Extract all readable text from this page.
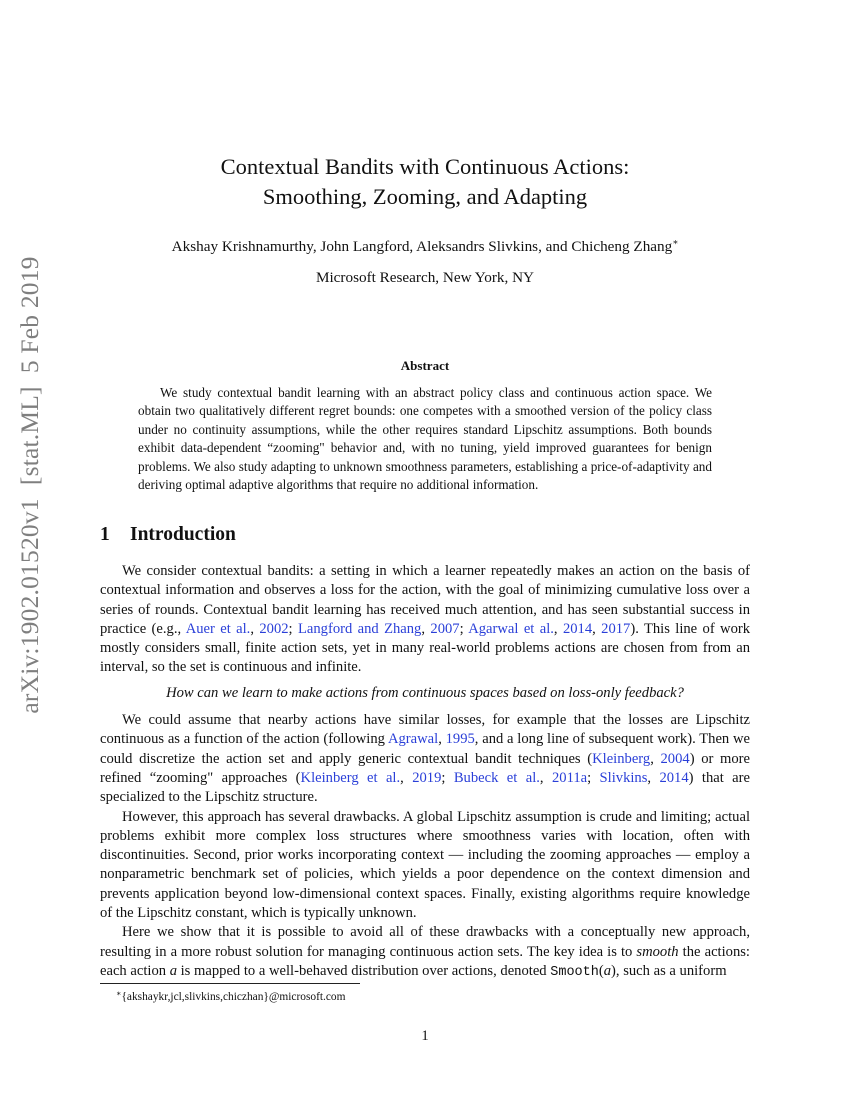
arXiv:1902.01520v1  [stat.ML]  5 Feb 2019
Contextual Bandits with Continuous Actions:
Smoothing, Zooming, and Adapting
Akshay Krishnamurthy, John Langford, Aleksandrs Slivkins, and Chicheng Zhang∗
Microsoft Research, New York, NY
Abstract
We study contextual bandit learning with an abstract policy class and continuous action space. We obtain two qualitatively different regret bounds: one competes with a smoothed version of the policy class under no continuity assumptions, while the other requires standard Lipschitz assumptions. Both bounds exhibit data-dependent “zooming" behavior and, with no tuning, yield improved guarantees for benign problems. We also study adapting to unknown smoothness parameters, establishing a price-of-adaptivity and deriving optimal adaptive algorithms that require no additional information.
1 Introduction

We consider contextual bandits: a setting in which a learner repeatedly makes an action on the basis of contextual information and observes a loss for the action, with the goal of minimizing cumulative loss over a series of rounds. Contextual bandit learning has received much attention, and has seen substantial success in practice (e.g., Auer et al., 2002; Langford and Zhang, 2007; Agarwal et al., 2014, 2017). This line of work mostly considers small, finite action sets, yet in many real-world problems actions are chosen from from an interval, so the set is continuous and infinite.

How can we learn to make actions from continuous spaces based on loss-only feedback?

We could assume that nearby actions have similar losses, for example that the losses are Lipschitz continuous as a function of the action (following Agrawal, 1995, and a long line of subsequent work). Then we could discretize the action set and apply generic contextual bandit techniques (Kleinberg, 2004) or more refined “zooming" approaches (Kleinberg et al., 2019; Bubeck et al., 2011a; Slivkins, 2014) that are specialized to the Lipschitz structure.

However, this approach has several drawbacks. A global Lipschitz assumption is crude and limiting; actual problems exhibit more complex loss structures where smoothness varies with location, often with discontinuities. Second, prior works incorporating context — including the zooming approaches — employ a nonparametric benchmark set of policies, which yields a poor dependence on the context dimension and prevents application beyond low-dimensional context spaces. Finally, existing algorithms require knowledge of the Lipschitz constant, which is typically unknown.

Here we show that it is possible to avoid all of these drawbacks with a conceptually new approach, resulting in a more robust solution for managing continuous action sets. The key idea is to smooth the actions: each action a is mapped to a well-behaved distribution over actions, denoted Smooth(a), such as a uniform

∗{akshaykr,jcl,slivkins,chiczhan}@microsoft.com
1
